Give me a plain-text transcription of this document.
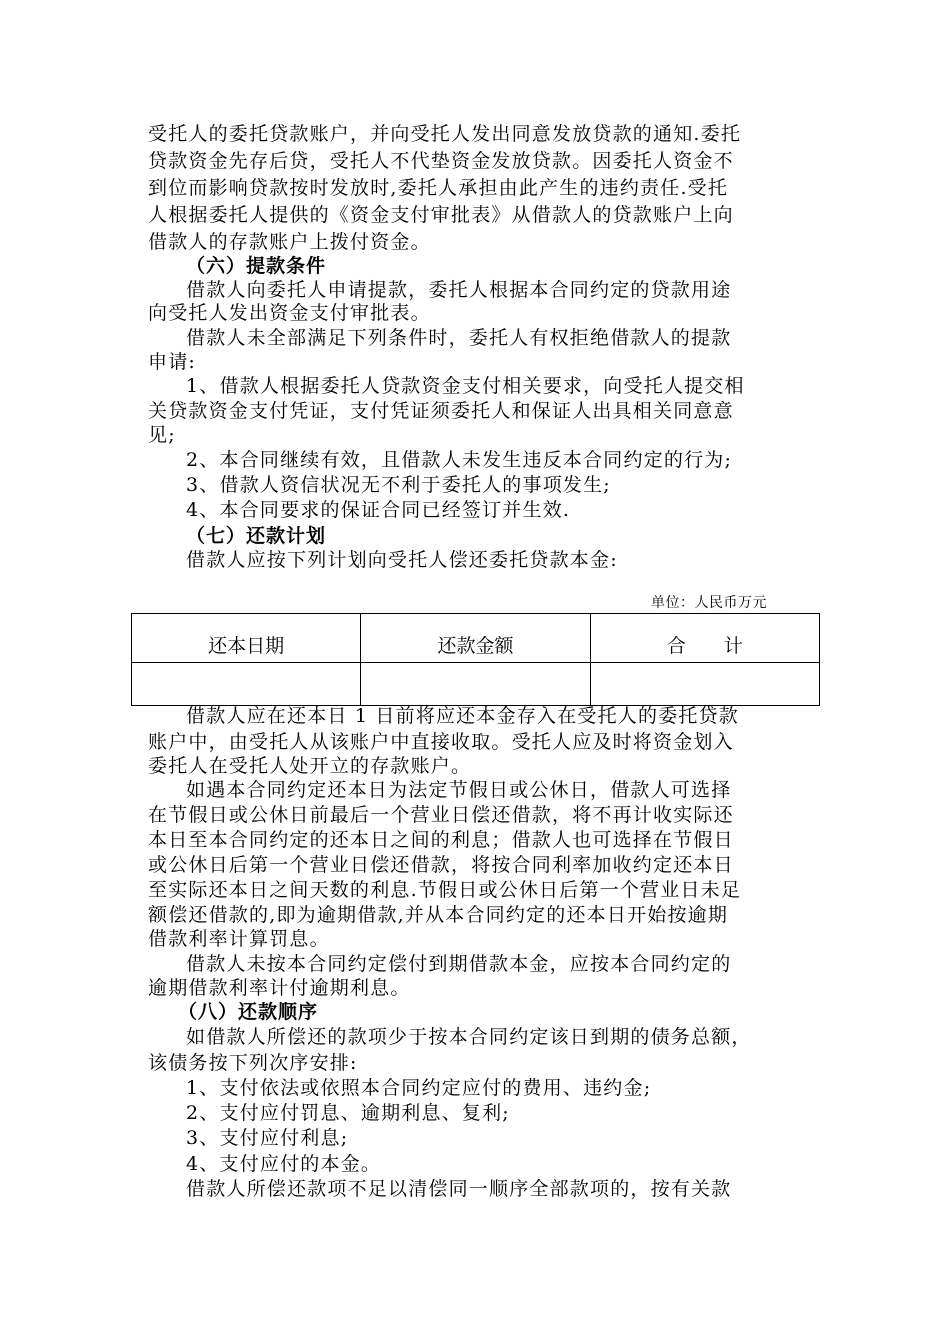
受托人的委托贷款账户，并向受托人发出同意发放贷款的通知.委托
贷款资金先存后贷，受托人不代垫资金发放贷款。因委托人资金不
到位而影响贷款按时发放时,委托人承担由此产生的违约责任.受托
人根据委托人提供的《资金支付审批表》从借款人的贷款账户上向
借款人的存款账户上拨付资金。
（六）提款条件
借款人向委托人申请提款，委托人根据本合同约定的贷款用途
向受托人发出资金支付审批表。
借款人未全部满足下列条件时，委托人有权拒绝借款人的提款
申请:
1、借款人根据委托人贷款资金支付相关要求，向受托人提交相
关贷款资金支付凭证，支付凭证须委托人和保证人出具相关同意意
见;
2、本合同继续有效，且借款人未发生违反本合同约定的行为;
3、借款人资信状况无不利于委托人的事项发生;
4、本合同要求的保证合同已经签订并生效.
（七）还款计划
借款人应按下列计划向受托人偿还委托贷款本金:
单位：人民币万元
还本日期	还款金额	合　　计

借款人应在还本日 1 日前将应还本金存入在受托人的委托贷款
账户中，由受托人从该账户中直接收取。受托人应及时将资金划入
委托人在受托人处开立的存款账户。
如遇本合同约定还本日为法定节假日或公休日，借款人可选择
在节假日或公休日前最后一个营业日偿还借款，将不再计收实际还
本日至本合同约定的还本日之间的利息；借款人也可选择在节假日
或公休日后第一个营业日偿还借款，将按合同利率加收约定还本日
至实际还本日之间天数的利息.节假日或公休日后第一个营业日未足
额偿还借款的,即为逾期借款,并从本合同约定的还本日开始按逾期
借款利率计算罚息。
借款人未按本合同约定偿付到期借款本金，应按本合同约定的
逾期借款利率计付逾期利息。
（八）还款顺序
如借款人所偿还的款项少于按本合同约定该日到期的债务总额，
该债务按下列次序安排:
1、支付依法或依照本合同约定应付的费用、违约金;
2、支付应付罚息、逾期利息、复利;
3、支付应付利息;
4、支付应付的本金。
借款人所偿还款项不足以清偿同一顺序全部款项的，按有关款
